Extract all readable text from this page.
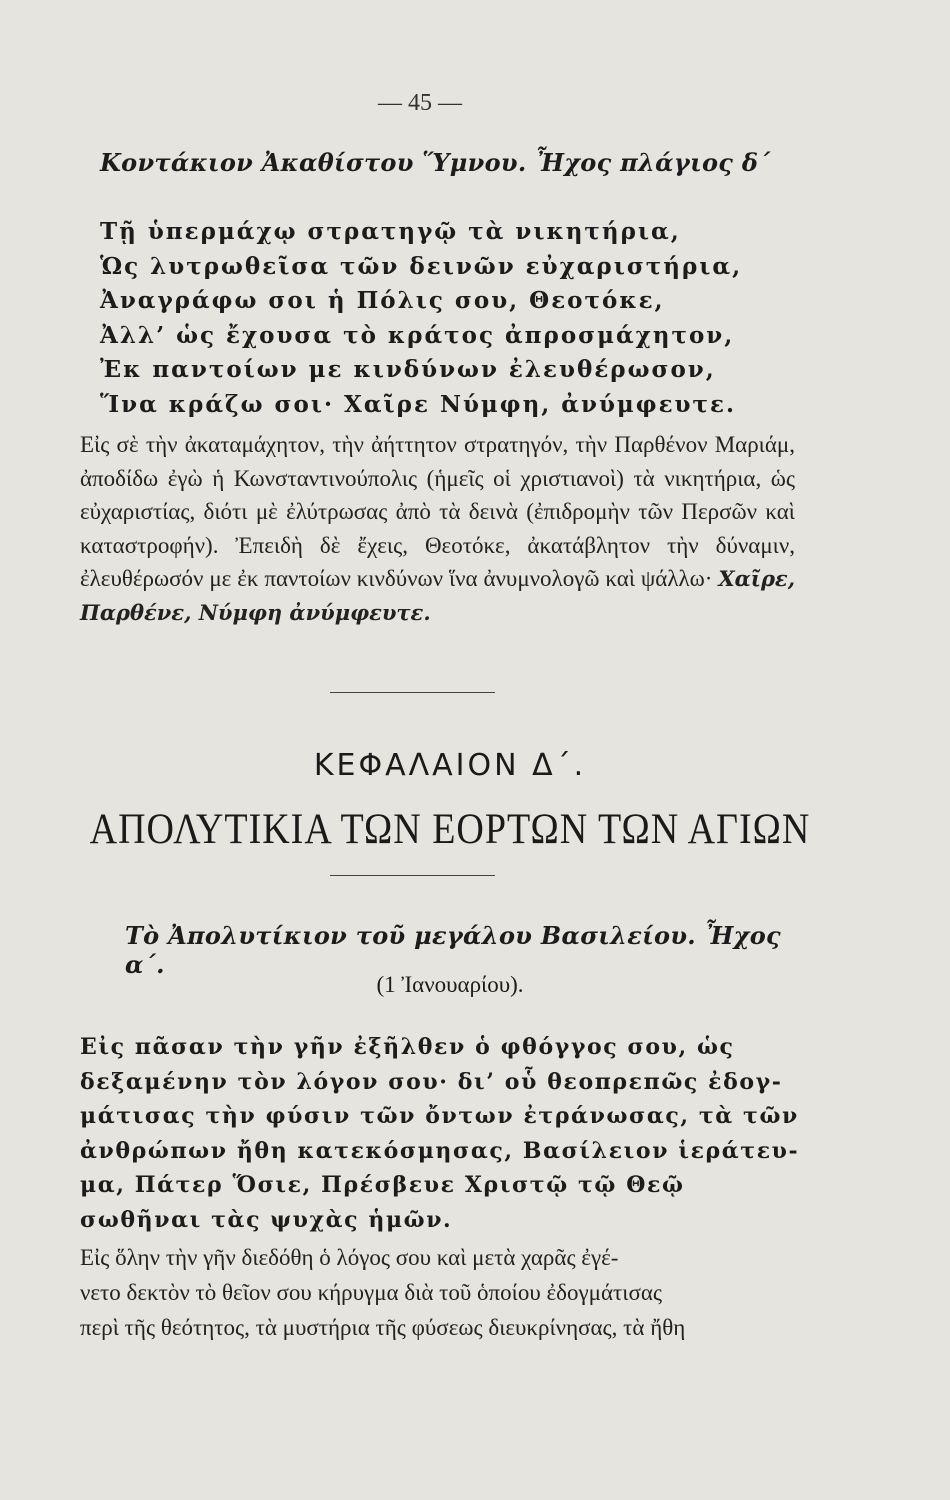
— 45 —
Κοντάκιον Ἀκαθίστου Ὕμνου. Ἦχος πλάγιος δ´
Τῇ ὑπερμάχῳ στρατηγῷ τὰ νικητήρια,
Ὡς λυτρωθεῖσα τῶν δεινῶν εὐχαριστήρια,
Ἀναγράφω σοι ἡ Πόλις σου, Θεοτόκε,
Ἀλλ’ ὡς ἔχουσα τὸ κράτος ἀπροσμάχητον,
Ἐκ παντοίων με κινδύνων ἐλευθέρωσον,
Ἵνα κράζω σοι· Χαῖρε Νύμφη, ἀνύμφευτε.
Εἰς σὲ τὴν ἀκαταμάχητον, τὴν ἀήττητον στρατηγόν, τὴν Παρθένον Μαριάμ, ἀποδίδω ἐγὼ ἡ Κωνσταντινούπολις (ἡμεῖς οἱ χριστιανοὶ) τὰ νικητήρια, ὡς εὐχαριστίας, διότι μὲ ἐλύτρωσας ἀπὸ τὰ δεινὰ (ἐπιδρομὴν τῶν Περσῶν καὶ καταστροφήν). Ἐπειδὴ δὲ ἔχεις, Θεοτόκε, ἀκατάβλητον τὴν δύναμιν, ἐλευθέρωσόν με ἐκ παντοίων κινδύνων ἵνα ἀνυμνολογῶ καὶ ψάλλω· Χαῖρε, Παρθένε, Νύμφη ἀνύμφευτε.
ΚΕΦΑΛΑΙΟΝ Δ΄.
ΑΠΟΛΥΤΙΚΙΑ ΤΩΝ ΕΟΡΤΩΝ ΤΩΝ ΑΓΙΩΝ
Τὸ Ἀπολυτίκιον τοῦ μεγάλου Βασιλείου. Ἦχος α΄.
(1 Ἰανουαρίου).
Εἰς πᾶσαν τὴν γῆν ἐξῆλθεν ὁ φθόγγος σου, ὡς
δεξαμένην τὸν λόγον σου· δι’ οὗ θεοπρεπῶς ἐδογ-
μάτισας τὴν φύσιν τῶν ὄντων ἐτράνωσας, τὰ τῶν
ἀνθρώπων ἤθη κατεκόσμησας, Βασίλειον ἱεράτευ-
μα, Πάτερ Ὅσιε, Πρέσβευε Χριστῷ τῷ Θεῷ
σωθῆναι τὰς ψυχὰς ἡμῶν.
Εἰς ὅλην τὴν γῆν διεδόθη ὁ λόγος σου καὶ μετὰ χαρᾶς ἐγέ-
νετο δεκτὸν τὸ θεῖον σου κήρυγμα διὰ τοῦ ὁποίου ἐδογμάτισας
περὶ τῆς θεότητος, τὰ μυστήρια τῆς φύσεως διευκρίνησας, τὰ ἤθη
